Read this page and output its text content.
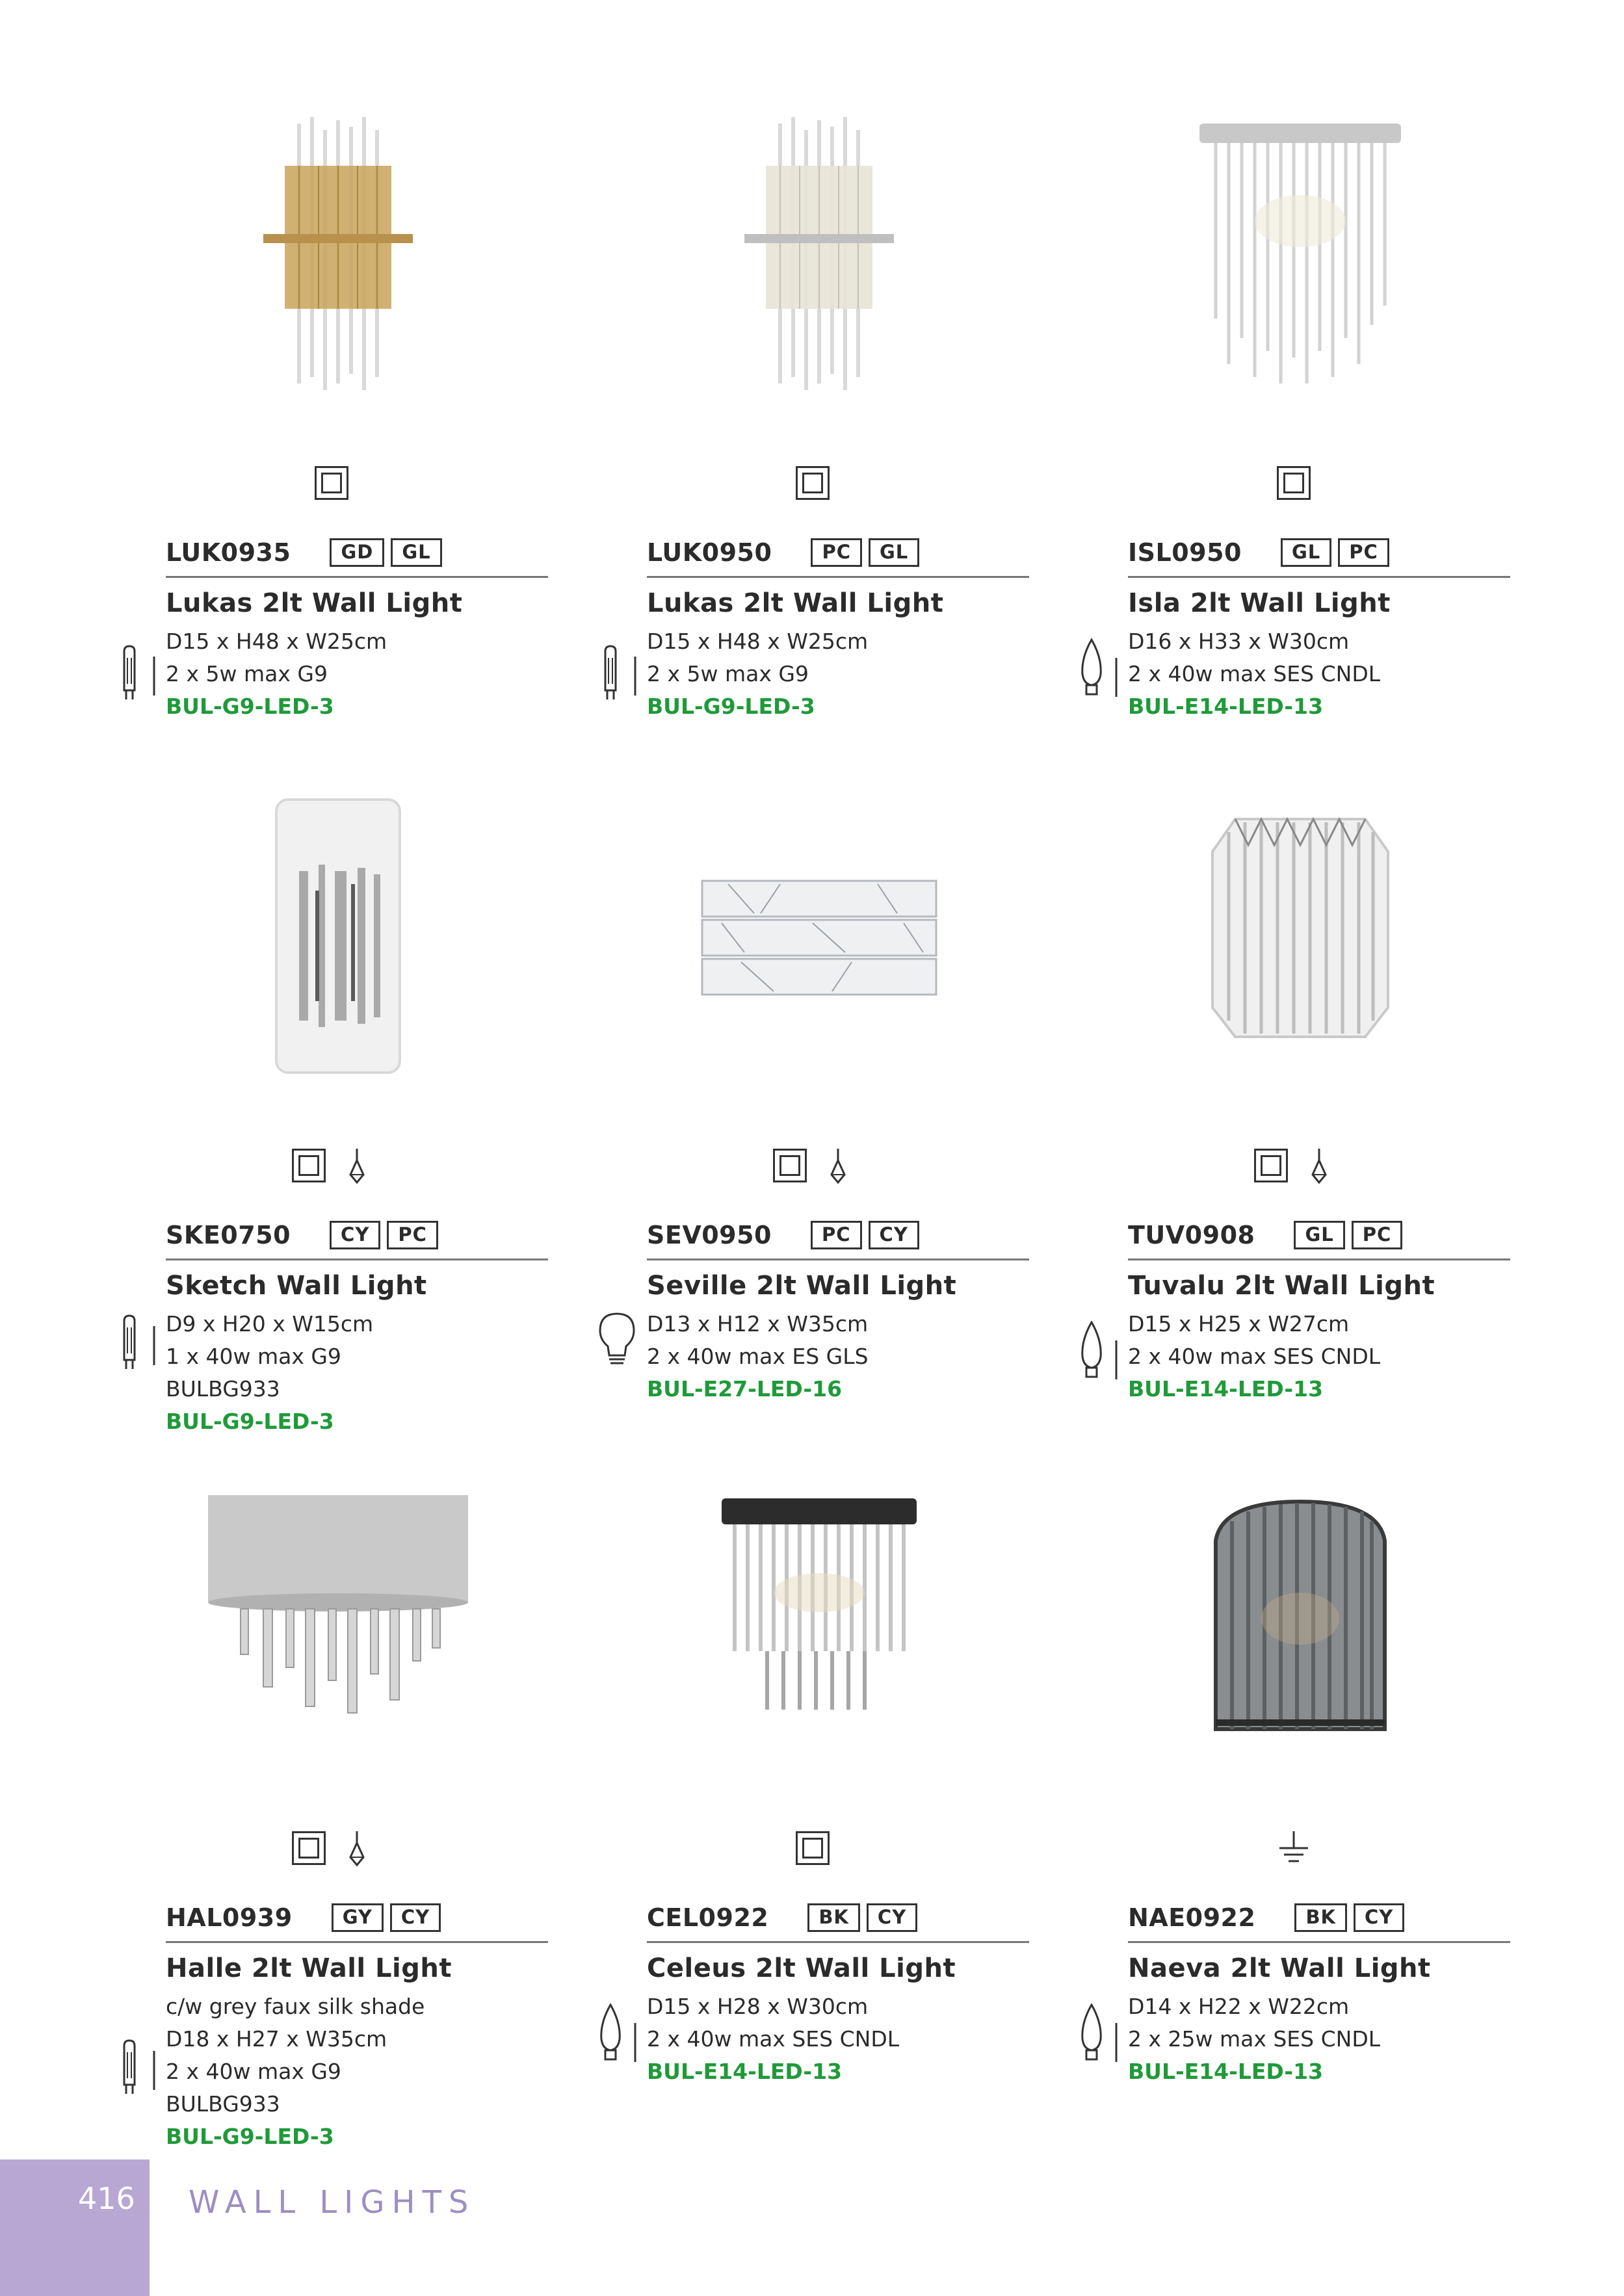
LUK0935	GD	GL
Lukas 2lt Wall Light
D15 x H48 x W25cm
2 x 5w max G9
BUL-G9-LED-3
LUK0950	PC	GL
Lukas 2lt Wall Light
D15 x H48 x W25cm
2 x 5w max G9
BUL-G9-LED-3
ISL0950	GL	PC
Isla 2lt Wall Light
D16 x H33 x W30cm
2 x 40w max SES CNDL
BUL-E14-LED-13
SKE0750	CY	PC
Sketch Wall Light
D9 x H20 x W15cm
1 x 40w max G9
BULBG933
BUL-G9-LED-3
SEV0950	PC	CY
Seville 2lt Wall Light
D13 x H12 x W35cm
2 x 40w max ES GLS
BUL-E27-LED-16
TUV0908	GL	PC
Tuvalu 2lt Wall Light
D15 x H25 x W27cm
2 x 40w max SES CNDL
BUL-E14-LED-13
HAL0939	GY	CY
Halle 2lt Wall Light
c/w grey faux silk shade
D18 x H27 x W35cm
2 x 40w max G9
BULBG933
BUL-G9-LED-3
CEL0922	BK	CY
Celeus 2lt Wall Light
D15 x H28 x W30cm
2 x 40w max SES CNDL
BUL-E14-LED-13
NAE0922	BK	CY
Naeva 2lt Wall Light
D14 x H22 x W22cm
2 x 25w max SES CNDL
BUL-E14-LED-13
416 WALL LIGHTS
